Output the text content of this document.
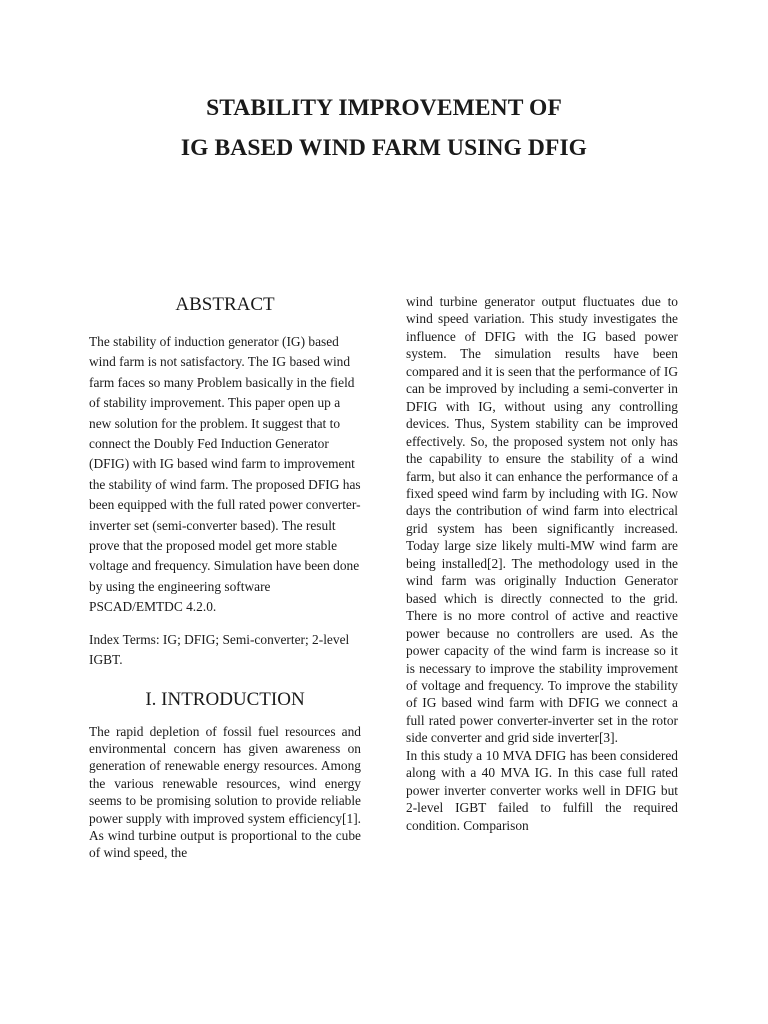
STABILITY IMPROVEMENT OF

IG BASED WIND FARM USING DFIG

ABSTRACT

The stability of induction generator (IG) based wind farm is not satisfactory. The IG based wind farm faces so many Problem basically in the field of stability improvement. This paper open up a new solution for the problem. It suggest that to connect the Doubly Fed Induction Generator (DFIG) with IG based wind farm to improvement the stability of wind farm. The proposed DFIG has been equipped with the full rated power converter-inverter set (semi-converter based). The result prove that the proposed model get more stable voltage and frequency. Simulation have been done by using the engineering software PSCAD/EMTDC 4.2.0.

Index Terms: IG; DFIG; Semi-converter; 2-level IGBT.

I. INTRODUCTION

The rapid depletion of fossil fuel resources and environmental concern has given awareness on generation of renewable energy resources. Among the various renewable resources, wind energy seems to be promising solution to provide reliable power supply with improved system efficiency[1]. As wind turbine output is proportional to the cube of wind speed, the

wind turbine generator output fluctuates due to wind speed variation. This study investigates the influence of DFIG with the IG based power system. The simulation results have been compared and it is seen that the performance of IG can be improved by including a semi-converter in DFIG with IG, without using any controlling devices. Thus, System stability can be improved effectively. So, the proposed system not only has the capability to ensure the stability of a wind farm, but also it can enhance the performance of a fixed speed wind farm by including with IG. Now days the contribution of wind farm into electrical grid system has been significantly increased. Today large size likely multi-MW wind farm are being installed[2]. The methodology used in the wind farm was originally Induction Generator based which is directly connected to the grid. There is no more control of active and reactive power because no controllers are used. As the power capacity of the wind farm is increase so it is necessary to improve the stability improvement of voltage and frequency. To improve the stability of IG based wind farm with DFIG we connect a full rated power converter-inverter set in the rotor side converter and grid side inverter[3].

In this study a 10 MVA DFIG has been considered along with a 40 MVA IG. In this case full rated power inverter converter works well in DFIG but 2-level IGBT failed to fulfill the required condition. Comparison
